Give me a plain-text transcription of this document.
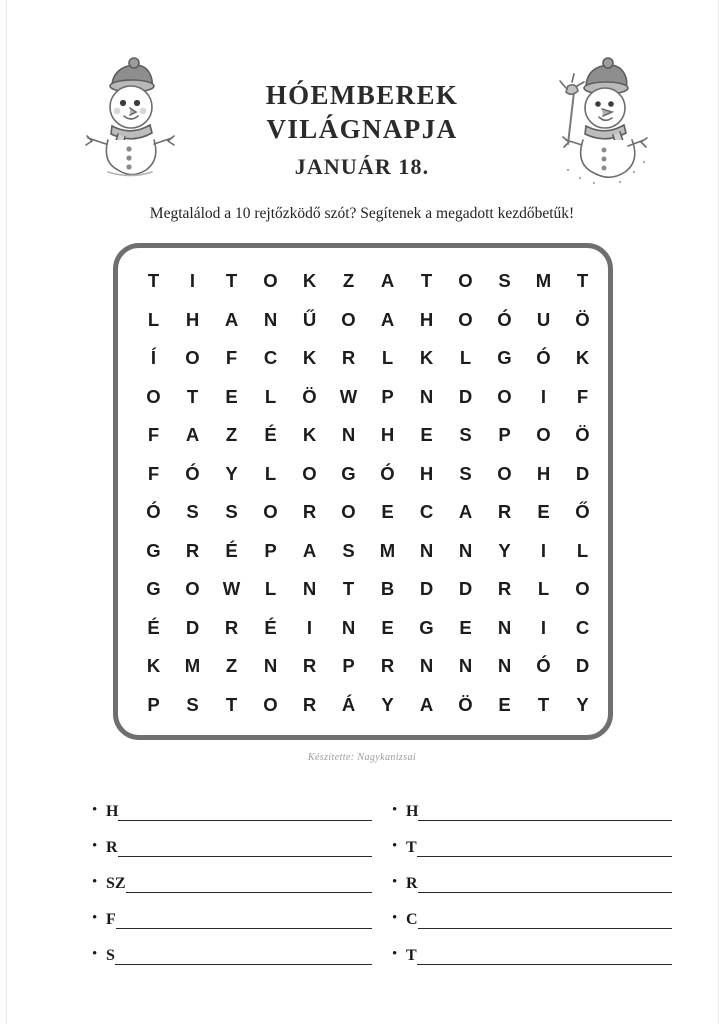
HÓEMBEREK
VILÁGNAPJA
JANUÁR 18.
Megtalálod a 10 rejtőzködő szót? Segítenek a megadott kezdőbetűk!
T	I	T	O	K	Z	A	T	O	S	M	T
L	H	A	N	Ű	O	A	H	O	Ó	U	Ö
Í	O	F	C	K	R	L	K	L	G	Ó	K
O	T	E	L	Ö	W	P	N	D	O	I	F
F	A	Z	É	K	N	H	E	S	P	O	Ö
F	Ó	Y	L	O	G	Ó	H	S	O	H	D
Ó	S	S	O	R	O	E	C	A	R	E	Ő
G	R	É	P	A	S	M	N	N	Y	I	L
G	O	W	L	N	T	B	D	D	R	L	O
É	D	R	É	I	N	E	G	E	N	I	C
K	M	Z	N	R	P	R	N	N	N	Ó	D
P	S	T	O	R	Á	Y	A	Ö	E	T	Y
Készítette: Nagykanizsai
• H
• R
• SZ
• F
• S
• H
• T
• R
• C
• T
